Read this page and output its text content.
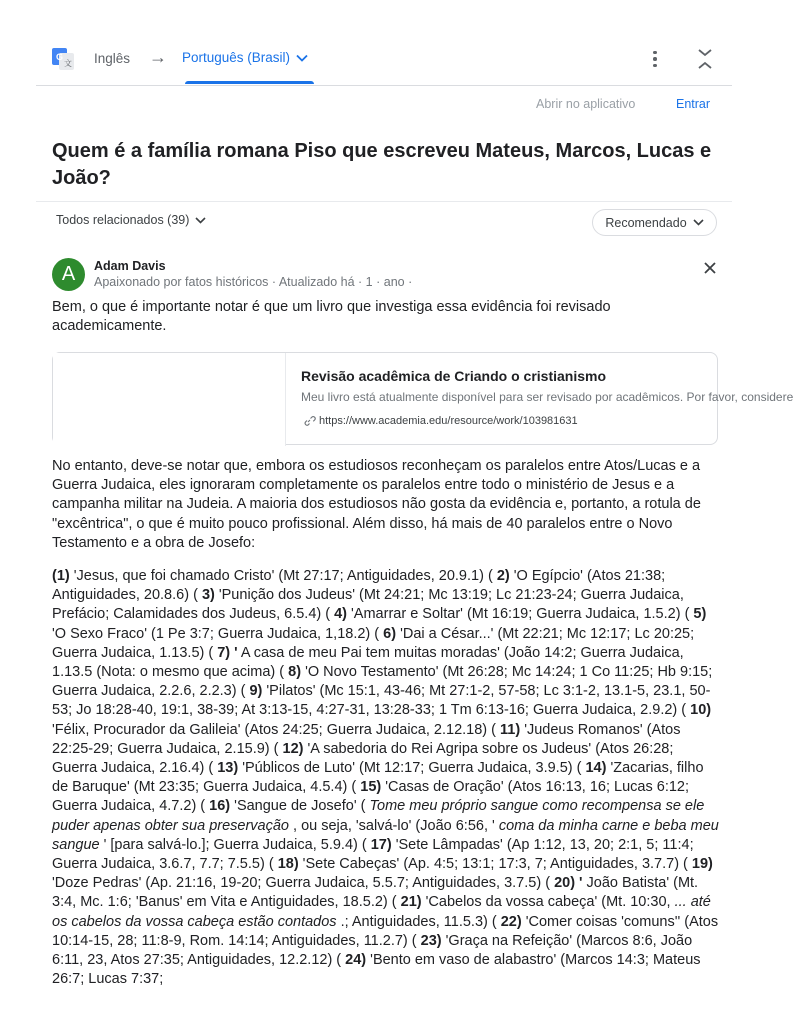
G
文 Inglês → Português (Brasil)
Abrir no aplicativo	Entrar
Quem é a família romana Piso que escreveu Mateus, Marcos, Lucas e João?
Todos relacionados (39)	Recomendado
A	Adam Davis
Apaixonado por fatos históricos · Atualizado há · 1 · ano ·

Bem, o que é importante notar é que um livro que investiga essa evidência foi revisado academicamente.

Revisão acadêmica de Criando o cristianismo
Meu livro está atualmente disponível para ser revisado por acadêmicos. Por favor, considere
https://www.academia.edu/resource/work/103981631

No entanto, deve-se notar que, embora os estudiosos reconheçam os paralelos entre Atos/Lucas e a Guerra Judaica, eles ignoraram completamente os paralelos entre todo o ministério de Jesus e a campanha militar na Judeia. A maioria dos estudiosos não gosta da evidência e, portanto, a rotula de "excêntrica", o que é muito pouco profissional. Além disso, há mais de 40 paralelos entre o Novo Testamento e a obra de Josefo:

(1) 'Jesus, que foi chamado Cristo' (Mt 27:17; Antiguidades, 20.9.1) ( 2) 'O Egípcio' (Atos 21:38; Antiguidades, 20.8.6) ( 3) 'Punição dos Judeus' (Mt 24:21; Mc 13:19; Lc 21:23-24; Guerra Judaica, Prefácio; Calamidades dos Judeus, 6.5.4) ( 4) 'Amarrar e Soltar' (Mt 16:19; Guerra Judaica, 1.5.2) ( 5) 'O Sexo Fraco' (1 Pe 3:7; Guerra Judaica, 1,18.2) ( 6) 'Dai a César...' (Mt 22:21; Mc 12:17; Lc 20:25; Guerra Judaica, 1.13.5) ( 7) ' A casa de meu Pai tem muitas moradas' (João 14:2; Guerra Judaica, 1.13.5 (Nota: o mesmo que acima) ( 8) 'O Novo Testamento' (Mt 26:28; Mc 14:24; 1 Co 11:25; Hb 9:15; Guerra Judaica, 2.2.6, 2.2.3) ( 9) 'Pilatos' (Mc 15:1, 43-46; Mt 27:1-2, 57-58; Lc 3:1-2, 13.1-5, 23.1, 50-53; Jo 18:28-40, 19:1, 38-39; At 3:13-15, 4:27-31, 13:28-33; 1 Tm 6:13-16; Guerra Judaica, 2.9.2) ( 10) 'Félix, Procurador da Galileia' (Atos 24:25; Guerra Judaica, 2.12.18) ( 11) 'Judeus Romanos' (Atos 22:25-29; Guerra Judaica, 2.15.9) ( 12) 'A sabedoria do Rei Agripa sobre os Judeus' (Atos 26:28; Guerra Judaica, 2.16.4) ( 13) 'Públicos de Luto' (Mt 12:17; Guerra Judaica, 3.9.5) ( 14) 'Zacarias, filho de Baruque' (Mt 23:35; Guerra Judaica, 4.5.4) ( 15) 'Casas de Oração' (Atos 16:13, 16; Lucas 6:12; Guerra Judaica, 4.7.2) ( 16) 'Sangue de Josefo' ( Tome meu próprio sangue como recompensa se ele puder apenas obter sua preservação , ou seja, 'salvá-lo' (João 6:56, ' coma da minha carne e beba meu sangue ' [para salvá-lo.]; Guerra Judaica, 5.9.4) ( 17) 'Sete Lâmpadas' (Ap 1:12, 13, 20; 2:1, 5; 11:4; Guerra Judaica, 3.6.7, 7.7; 7.5.5) ( 18) 'Sete Cabeças' (Ap. 4:5; 13:1; 17:3, 7; Antiguidades, 3.7.7) ( 19) 'Doze Pedras' (Ap. 21:16, 19-20; Guerra Judaica, 5.5.7; Antiguidades, 3.7.5) ( 20) ' João Batista' (Mt. 3:4, Mc. 1:6; 'Banus' em Vita e Antiguidades, 18.5.2) ( 21) 'Cabelos da vossa cabeça' (Mt. 10:30, ... até os cabelos da vossa cabeça estão contados .; Antiguidades, 11.5.3) ( 22) 'Comer coisas 'comuns'' (Atos 10:14-15, 28; 11:8-9, Rom. 14:14; Antiguidades, 11.2.7) ( 23) 'Graça na Refeição' (Marcos 8:6, João 6:11, 23, Atos 27:35; Antiguidades, 12.2.12) ( 24) 'Bento em vaso de alabastro' (Marcos 14:3; Mateus 26:7; Lucas 7:37;
